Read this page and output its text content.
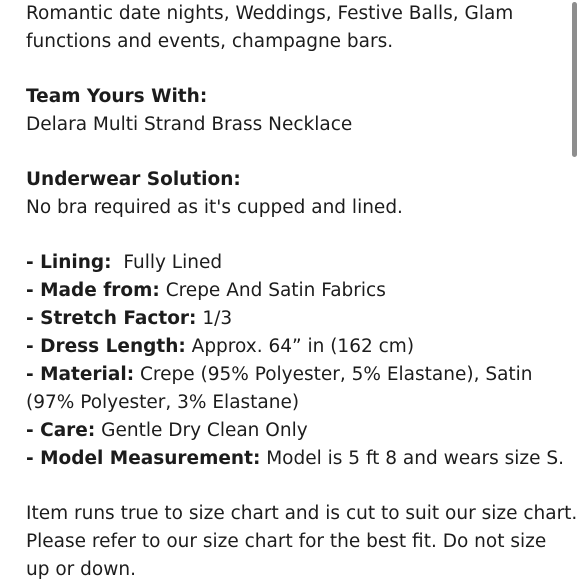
Romantic date nights, Weddings, Festive Balls, Glam
functions and events, champagne bars.
Team Yours With:
Delara Multi Strand Brass Necklace
Underwear Solution:
No bra required as it's cupped and lined.
- Lining:  Fully Lined
- Made from: Crepe And Satin Fabrics
- Stretch Factor: 1/3
- Dress Length: Approx. 64” in (162 cm)
- Material: Crepe (95% Polyester, 5% Elastane), Satin
(97% Polyester, 3% Elastane)
- Care: Gentle Dry Clean Only
- Model Measurement: Model is 5 ft 8 and wears size S.
Item runs true to size chart and is cut to suit our size chart.
Please refer to our size chart for the best fit. Do not size
up or down.
